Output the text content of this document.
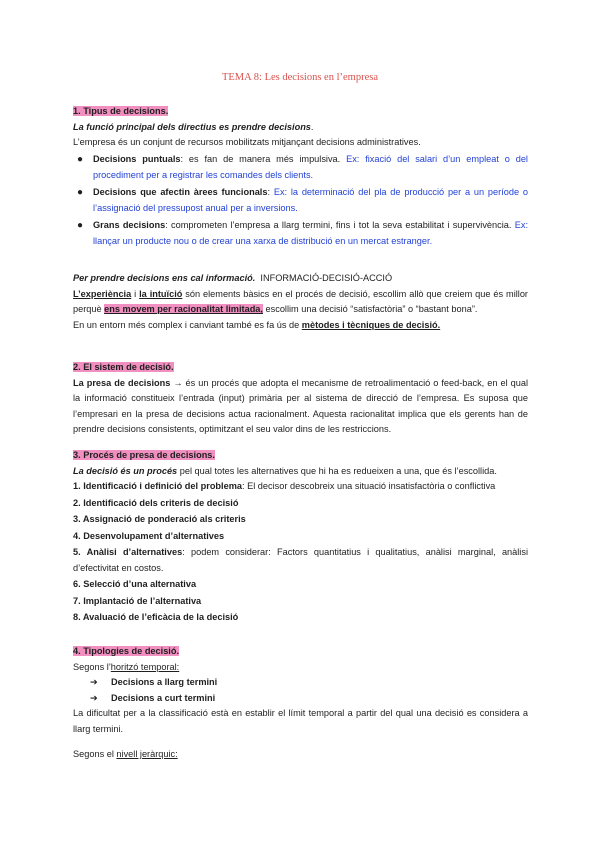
TEMA 8: Les decisions en l’empresa
1. Tipus de decisions.
La funció principal dels directius es prendre decisions.
L’empresa és un conjunt de recursos mobilitzats mitjançant decisions administratives.
● Decisions puntuals: es fan de manera més impulsiva. Ex: fixació del salari d’un empleat o del procediment per a registrar les comandes dels clients.
● Decisions que afectin àrees funcionals: Ex: la determinació del pla de producció per a un període o l’assignació del pressupost anual per a inversions.
● Grans decisions: comprometen l’empresa a llarg termini, fins i tot la seva estabilitat i supervivència. Ex: llançar un producte nou o de crear una xarxa de distribució en un mercat estranger.
Per prendre decisions ens cal informació. INFORMACIÓ-DECISIÓ-ACCIÓ
L’experiència i la intuïció són elements bàsics en el procés de decisió, escollim allò que creiem que és millor perquè ens movem per racionalitat limitada, escollim una decisió “satisfactòria” o “bastant bona”.
En un entorn més complex i canviant també es fa ús de mètodes i tècniques de decisió.
2. El sistem de decisió.
La presa de decisions → és un procés que adopta el mecanisme de retroalimentació o feed-back, en el qual la informació constitueix l’entrada (input) primària per al sistema de direcció de l’empresa. Es suposa que l’empresari en la presa de decisions actua racionalment. Aquesta racionalitat implica que els gerents han de prendre decisions consistents, optimitzant el seu valor dins de les restriccions.
3. Procés de presa de decisions.
La decisió és un procés pel qual totes les alternatives que hi ha es redueixen a una, que és l’escollida.
1. Identificació i definició del problema: El decisor descobreix una situació insatisfactòria o conflictiva
2. Identificació dels criteris de decisió
3. Assignació de ponderació als criteris
4. Desenvolupament d’alternatives
5. Anàlisi d’alternatives: podem considerar: Factors quantitatius i qualitatius, anàlisi marginal, anàlisi d’efectivitat en costos.
6. Selecció d’una alternativa
7. Implantació de l’alternativa
8. Avaluació de l’eficàcia de la decisió
4. Tipologies de decisió.
Segons l’horitzó temporal:
➔ Decisions a llarg termini
➔ Decisions a curt termini
La dificultat per a la classificació està en establir el límit temporal a partir del qual una decisió es considera a llarg termini.
Segons el nivell jeràrquic:
